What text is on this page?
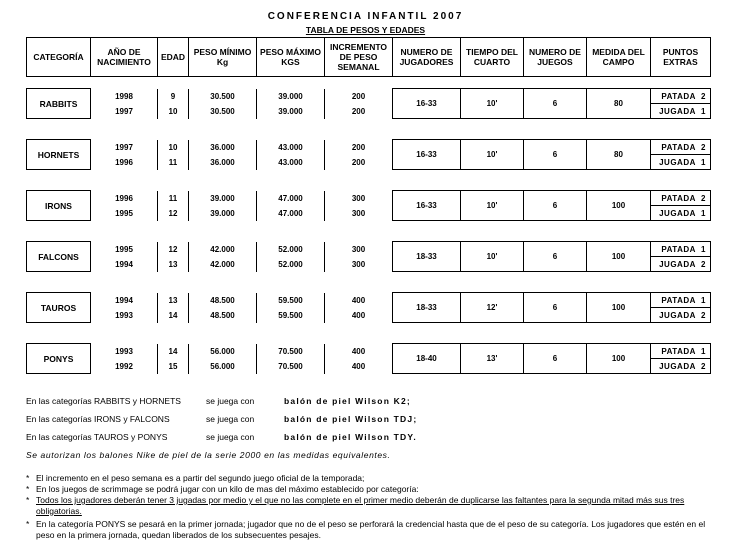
CONFERENCIA INFANTIL 2007
TABLA DE PESOS Y EDADES
CATEGORÍA	AÑO DE NACIMIENTO	EDAD	PESO MÍNIMO Kg	PESO MÁXIMO KGS	INCREMENTO DE PESO SEMANAL	NUMERO DE JUGADORES	TIEMPO DEL CUARTO	NUMERO DE JUEGOS	MEDIDA DEL CAMPO	PUNTOS EXTRAS
RABBITS	1998	9	30.500	39.000	200	16-33	10'	6	80	PATADA  2
	1997	10	30.500	39.000	200					JUGADA  1
HORNETS	1997	10	36.000	43.000	200	16-33	10'	6	80	PATADA  2
	1996	11	36.000	43.000	200					JUGADA  1
IRONS	1996	11	39.000	47.000	300	16-33	10'	6	100	PATADA  2
	1995	12	39.000	47.000	300					JUGADA  1
FALCONS	1995	12	42.000	52.000	300	18-33	10'	6	100	PATADA  1
	1994	13	42.000	52.000	300					JUGADA  2
TAUROS	1994	13	48.500	59.500	400	18-33	12'	6	100	PATADA  1
	1993	14	48.500	59.500	400					JUGADA  2
PONYS	1993	14	56.000	70.500	400	18-40	13'	6	100	PATADA  1
	1992	15	56.000	70.500	400					JUGADA  2
En las categorías RABBITS y HORNETS	se juega con	balón de piel Wilson K2;
En las categorías IRONS y FALCONS	se juega con	balón de piel Wilson TDJ;
En las categorías TAUROS y PONYS	se juega con	balón de piel Wilson TDY.
Se autorizan los balones Nike de piel de la serie 2000 en las medidas equivalentes.
* El incremento en el peso semana es a partir del segundo juego oficial de la temporada;
* En los juegos de scrimmage se podrá jugar con un kilo de mas del máximo establecido por categoría:
* Todos los jugadores deberán tener 3 jugadas por medio y el que no las complete en el primer medio deberán de duplicarse las faltantes para la segunda mitad más sus tres obligatorias.
* En la categoría PONYS se pesará en la primer jornada; jugador que no de el peso se perforará la credencial hasta que de el peso de su categoría. Los jugadores que estén en el peso en la primera jornada, quedan liberados de los subsecuentes pesajes.
